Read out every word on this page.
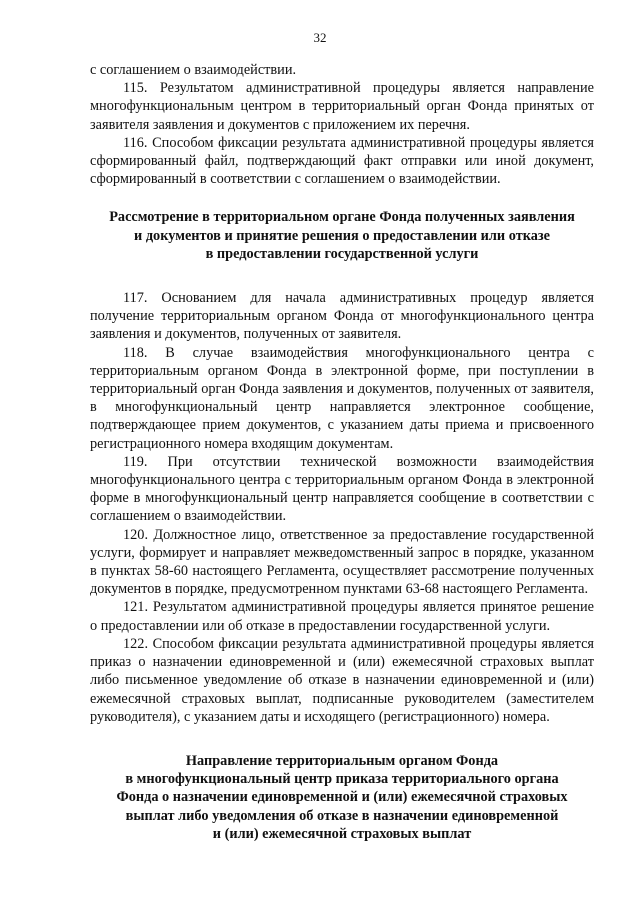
32

с соглашением о взаимодействии.

115. Результатом административной процедуры является направление многофункциональным центром в территориальный орган Фонда принятых от заявителя заявления и документов с приложением их перечня.

116. Способом фиксации результата административной процедуры является сформированный файл, подтверждающий факт отправки или иной документ, сформированный в соответствии с соглашением о взаимодействии.

Рассмотрение в территориальном органе Фонда полученных заявления
и документов и принятие решения о предоставлении или отказе
в предоставлении государственной услуги

117. Основанием для начала административных процедур является получение территориальным органом Фонда от многофункционального центра заявления и документов, полученных от заявителя.

118. В случае взаимодействия многофункционального центра с территориальным органом Фонда в электронной форме, при поступлении в территориальный орган Фонда заявления и документов, полученных от заявителя, в многофункциональный центр направляется электронное сообщение, подтверждающее прием документов, с указанием даты приема и присвоенного регистрационного номера входящим документам.

119. При отсутствии технической возможности взаимодействия многофункционального центра с территориальным органом Фонда в электронной форме в многофункциональный центр направляется сообщение в соответствии с соглашением о взаимодействии.

120. Должностное лицо, ответственное за предоставление государственной услуги, формирует и направляет межведомственный запрос в порядке, указанном в пунктах 58-60 настоящего Регламента, осуществляет рассмотрение полученных документов в порядке, предусмотренном пунктами 63-68 настоящего Регламента.

121. Результатом административной процедуры является принятое решение о предоставлении или об отказе в предоставлении государственной услуги.

122. Способом фиксации результата административной процедуры является приказ о назначении единовременной и (или) ежемесячной страховых выплат либо письменное уведомление об отказе в назначении единовременной и (или) ежемесячной страховых выплат, подписанные руководителем (заместителем руководителя), с указанием даты и исходящего (регистрационного) номера.

Направление территориальным органом Фонда
в многофункциональный центр приказа территориального органа
Фонда о назначении единовременной и (или) ежемесячной страховых
выплат либо уведомления об отказе в назначении единовременной
и (или) ежемесячной страховых выплат
